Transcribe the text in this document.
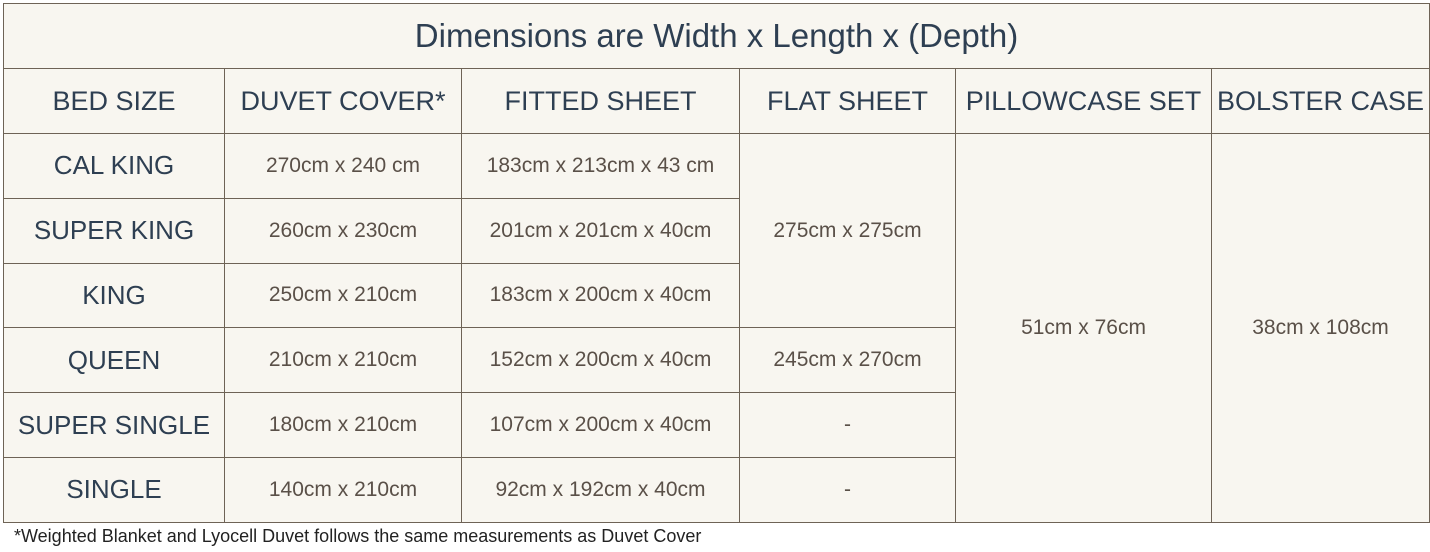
Dimensions are Width x Length x (Depth)					
BED SIZE	DUVET COVER*	FITTED SHEET	FLAT SHEET	PILLOWCASE SET	BOLSTER CASE
CAL KING	270cm x 240 cm	183cm x 213cm x 43 cm	275cm x 275cm	51cm x 76cm	38cm x 108cm
SUPER KING	260cm x 230cm	201cm x 201cm x 40cm			
KING	250cm x 210cm	183cm x 200cm x 40cm			
QUEEN	210cm x 210cm	152cm x 200cm x 40cm	245cm x 270cm		
SUPER SINGLE	180cm x 210cm	107cm x 200cm x 40cm	-		
SINGLE	140cm x 210cm	92cm x 192cm x 40cm	-		
*Weighted Blanket and Lyocell Duvet follows the same measurements as Duvet Cover
